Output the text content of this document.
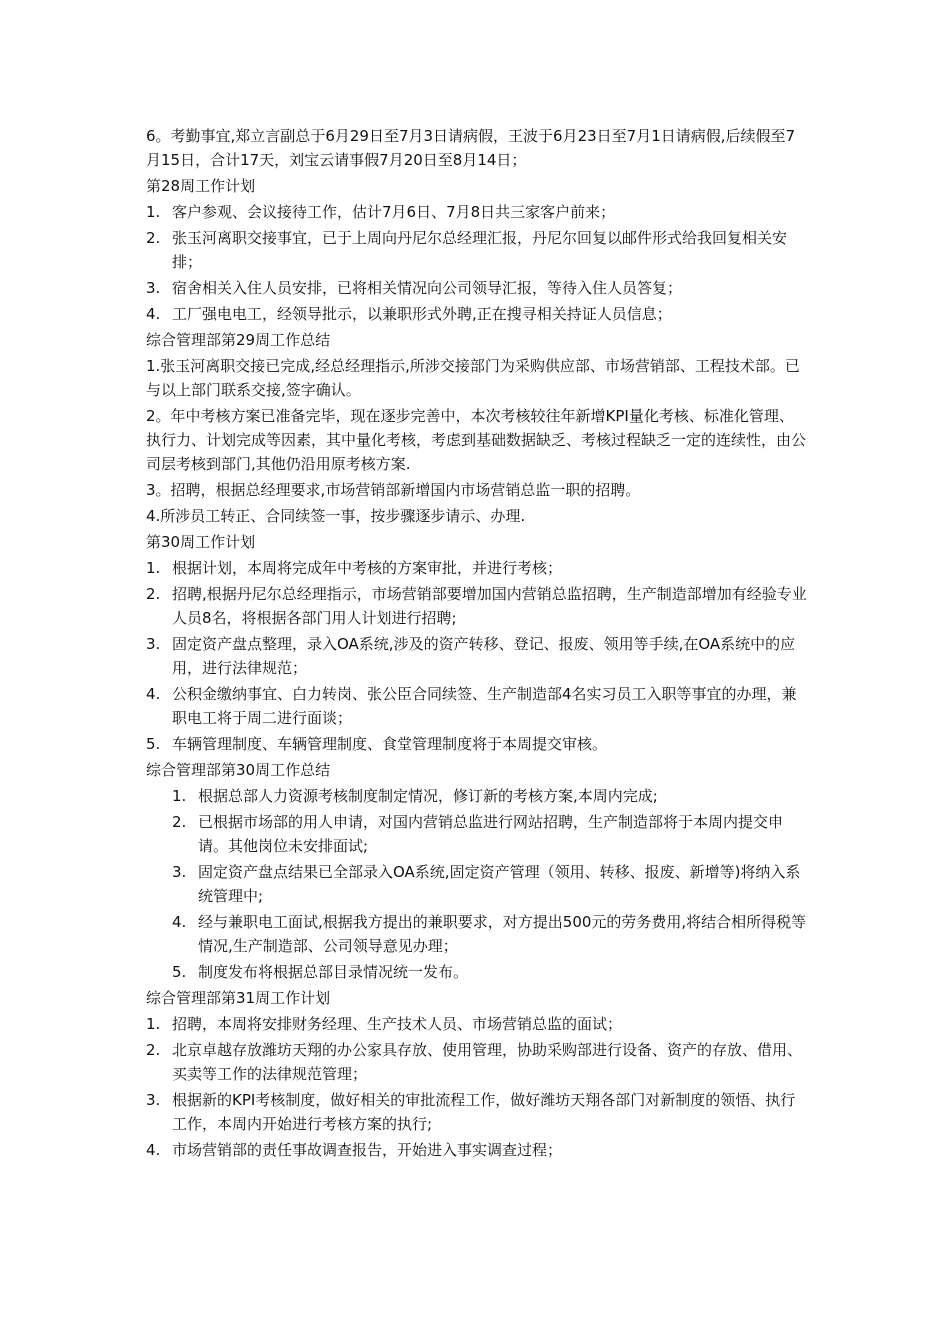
6。考勤事宜,郑立言副总于6月29日至7月3日请病假，王波于6月23日至7月1日请病假,后续假至7月15日，合计17天，刘宝云请事假7月20日至8月14日；

第28周工作计划

1. 客户参观、会议接待工作，估计7月6日、7月8日共三家客户前来；
2. 张玉河离职交接事宜，已于上周向丹尼尔总经理汇报，丹尼尔回复以邮件形式给我回复相关安排；
3. 宿舍相关入住人员安排，已将相关情况向公司领导汇报，等待入住人员答复；
4. 工厂强电电工，经领导批示，以兼职形式外聘,正在搜寻相关持证人员信息；

综合管理部第29周工作总结

1.张玉河离职交接已完成,经总经理指示,所涉交接部门为采购供应部、市场营销部、工程技术部。已与以上部门联系交接,签字确认。

2。年中考核方案已准备完毕，现在逐步完善中，本次考核较往年新增KPI量化考核、标准化管理、执行力、计划完成等因素，其中量化考核，考虑到基础数据缺乏、考核过程缺乏一定的连续性，由公司层考核到部门,其他仍沿用原考核方案.

3。招聘，根据总经理要求,市场营销部新增国内市场营销总监一职的招聘。

4.所涉员工转正、合同续签一事，按步骤逐步请示、办理.

第30周工作计划

1. 根据计划，本周将完成年中考核的方案审批，并进行考核；
2. 招聘,根据丹尼尔总经理指示，市场营销部要增加国内营销总监招聘，生产制造部增加有经验专业人员8名，将根据各部门用人计划进行招聘;
3. 固定资产盘点整理，录入OA系统,涉及的资产转移、登记、报废、领用等手续,在OA系统中的应用，进行法律规范；
4. 公积金缴纳事宜、白力转岗、张公臣合同续签、生产制造部4名实习员工入职等事宜的办理，兼职电工将于周二进行面谈；
5. 车辆管理制度、车辆管理制度、食堂管理制度将于本周提交审核。

综合管理部第30周工作总结

1. 根据总部人力资源考核制度制定情况，修订新的考核方案,本周内完成;
2. 已根据市场部的用人申请，对国内营销总监进行网站招聘，生产制造部将于本周内提交申请。其他岗位未安排面试;
3. 固定资产盘点结果已全部录入OA系统,固定资产管理（领用、转移、报废、新增等)将纳入系统管理中;
4. 经与兼职电工面试,根据我方提出的兼职要求，对方提出500元的劳务费用,将结合相所得税等情况,生产制造部、公司领导意见办理；
5. 制度发布将根据总部目录情况统一发布。

综合管理部第31周工作计划

1. 招聘，本周将安排财务经理、生产技术人员、市场营销总监的面试；
2. 北京卓越存放潍坊天翔的办公家具存放、使用管理，协助采购部进行设备、资产的存放、借用、买卖等工作的法律规范管理；
3. 根据新的KPI考核制度，做好相关的审批流程工作，做好潍坊天翔各部门对新制度的领悟、执行工作，本周内开始进行考核方案的执行;
4. 市场营销部的责任事故调查报告，开始进入事实调查过程；
